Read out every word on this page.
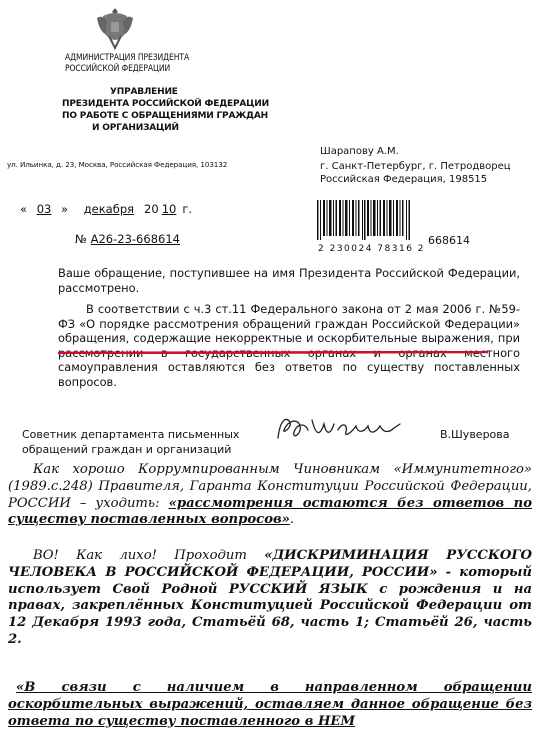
АДМИНИСТРАЦИЯ ПРЕЗИДЕНТА
РОССИЙСКОЙ ФЕДЕРАЦИИ
УПРАВЛЕНИЕ
ПРЕЗИДЕНТА РОССИЙСКОЙ ФЕДЕРАЦИИ
ПО РАБОТЕ С ОБРАЩЕНИЯМИ ГРАЖДАН
И ОРГАНИЗАЦИЙ
ул. Ильинка, д. 23, Москва, Российская Федерация, 103132
Шарапову А.М.
г. Санкт-Петербург, г. Петродворец
Российская Федерация, 198515
« 03 » декабря 20 10 г.
№ А26-23-668614
2 230024 78316 2
668614
Ваше обращение, поступившее на имя Президента Российской Федерации, рассмотрено.
В соответствии с ч.3 ст.11 Федерального закона от 2 мая 2006 г. №59-ФЗ «О порядке рассмотрения обращений граждан Российской Федерации» обращения, содержащие некорректные и оскорбительные выражения, при рассмотрении в государственных органах и органах местного самоуправления оставляются без ответов по существу поставленных вопросов.
Советник департамента письменных
обращений граждан и организаций
В.Шуверова
Как хорошо Коррумпированным Чиновникам «Иммунитетного» (1989.с.248) Правителя, Гаранта Конституции Российской Федерации, РОССИИ – уходить: «рассмотрения остаются без ответов по существу поставленных вопросов».
ВО! Как лихо! Проходит «ДИСКРИМИНАЦИЯ РУССКОГО ЧЕЛОВЕКА В РОССИЙСКОЙ ФЕДЕРАЦИИ, РОССИИ» - который использует Свой Родной РУССКИЙ ЯЗЫК с рождения и на правах, закреплённых Конституцией Российской Федерации от 12 Декабря 1993 года, Статьёй 68, часть 1; Статьёй 26, часть 2.
«В связи с наличием в направленном обращении оскорбительных выражений, оставляем данное обращение без ответа по существу поставленного в НЕМ
